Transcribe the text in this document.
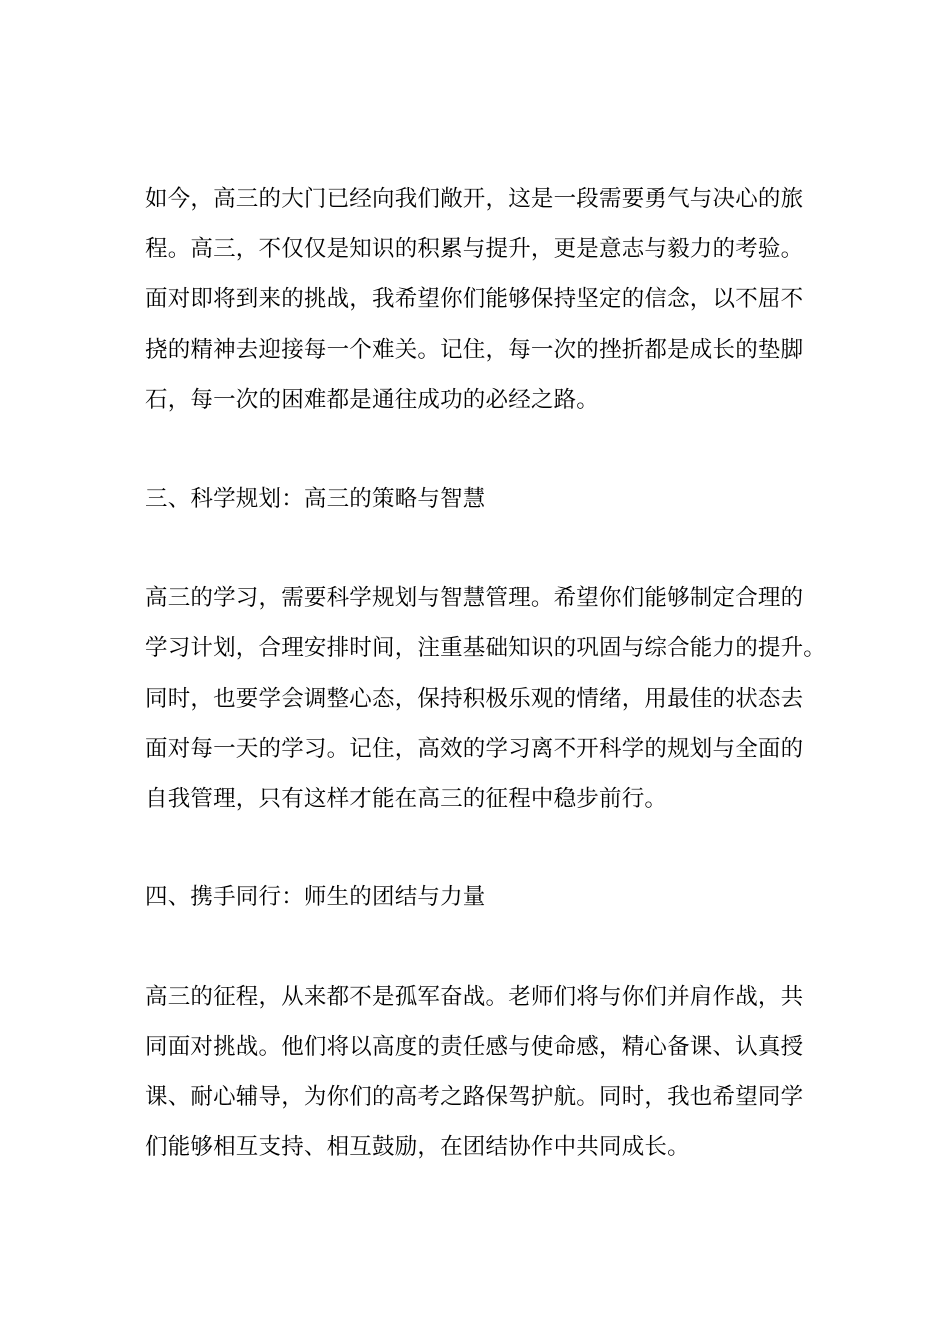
如今，高三的大门已经向我们敞开，这是一段需要勇气与决心的旅
程。高三，不仅仅是知识的积累与提升，更是意志与毅力的考验。
面对即将到来的挑战，我希望你们能够保持坚定的信念，以不屈不
挠的精神去迎接每一个难关。记住，每一次的挫折都是成长的垫脚
石，每一次的困难都是通往成功的必经之路。
三、科学规划：高三的策略与智慧
高三的学习，需要科学规划与智慧管理。希望你们能够制定合理的
学习计划，合理安排时间，注重基础知识的巩固与综合能力的提升。
同时，也要学会调整心态，保持积极乐观的情绪，用最佳的状态去
面对每一天的学习。记住，高效的学习离不开科学的规划与全面的
自我管理，只有这样才能在高三的征程中稳步前行。
四、携手同行：师生的团结与力量
高三的征程，从来都不是孤军奋战。老师们将与你们并肩作战，共
同面对挑战。他们将以高度的责任感与使命感，精心备课、认真授
课、耐心辅导，为你们的高考之路保驾护航。同时，我也希望同学
们能够相互支持、相互鼓励，在团结协作中共同成长。
